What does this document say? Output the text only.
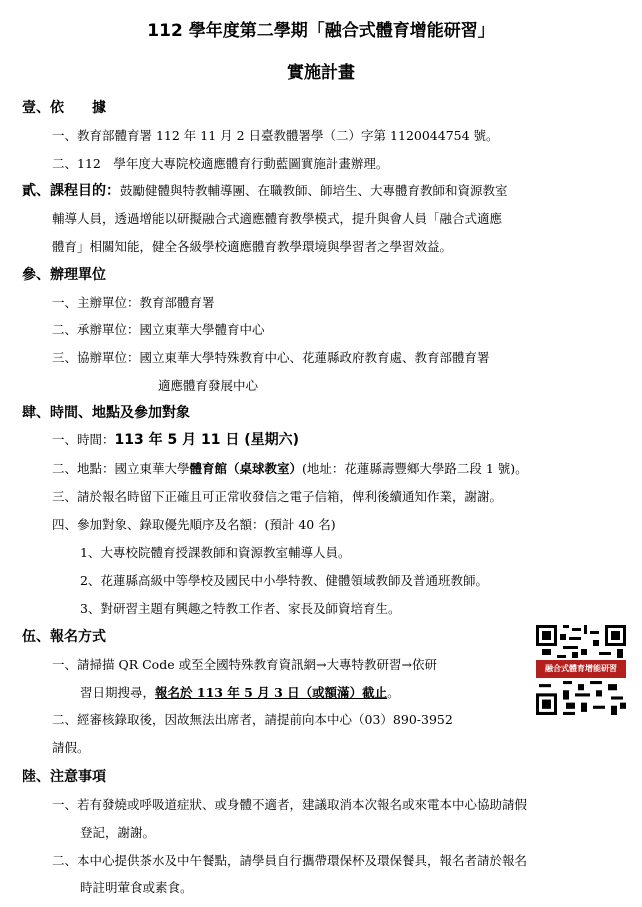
112 學年度第二學期「融合式體育增能研習」
實施計畫
壹、依　　據
一、教育部體育署 112 年 11 月 2 日臺教體署學（二）字第 1120044754 號。
二、112　學年度大專院校適應體育行動藍圖實施計畫辦理。
貳、課程目的：鼓勵健體與特教輔導團、在職教師、師培生、大專體育教師和資源教室
輔導人員，透過增能以研擬融合式適應體育教學模式，提升與會人員「融合式適應
體育」相關知能，健全各級學校適應體育教學環境與學習者之學習效益。
參、辦理單位
一、主辦單位：教育部體育署
二、承辦單位：國立東華大學體育中心
三、協辦單位：國立東華大學特殊教育中心、花蓮縣政府教育處、教育部體育署
適應體育發展中心
肆、時間、地點及參加對象
一、時間：113 年 5 月 11 日 (星期六)
二、地點：國立東華大學體育館（桌球教室）(地址：花蓮縣壽豐鄉大學路二段 1 號)。
三、請於報名時留下正確且可正常收發信之電子信箱，俾利後續通知作業，謝謝。
四、參加對象、錄取優先順序及名額：(預計 40 名)
1、大專校院體育授課教師和資源教室輔導人員。
2、花蓮縣高級中等學校及國民中小學特教、健體領域教師及普通班教師。
3、對研習主題有興趣之特教工作者、家長及師資培育生。
伍、報名方式
一、請掃描 QR Code 或至全國特殊教育資訊網→大專特教研習→依研
習日期搜尋，報名於 113 年 5 月 3 日（或額滿）截止。
二、經審核錄取後，因故無法出席者，請提前向本中心（03）890-3952
請假。
融合式體育增能研習
陸、注意事項
一、若有發燒或呼吸道症狀、或身體不適者，建議取消本次報名或來電本中心協助請假
登記，謝謝。
二、本中心提供茶水及中午餐點，請學員自行攜帶環保杯及環保餐具，報名者請於報名
時註明葷食或素食。
